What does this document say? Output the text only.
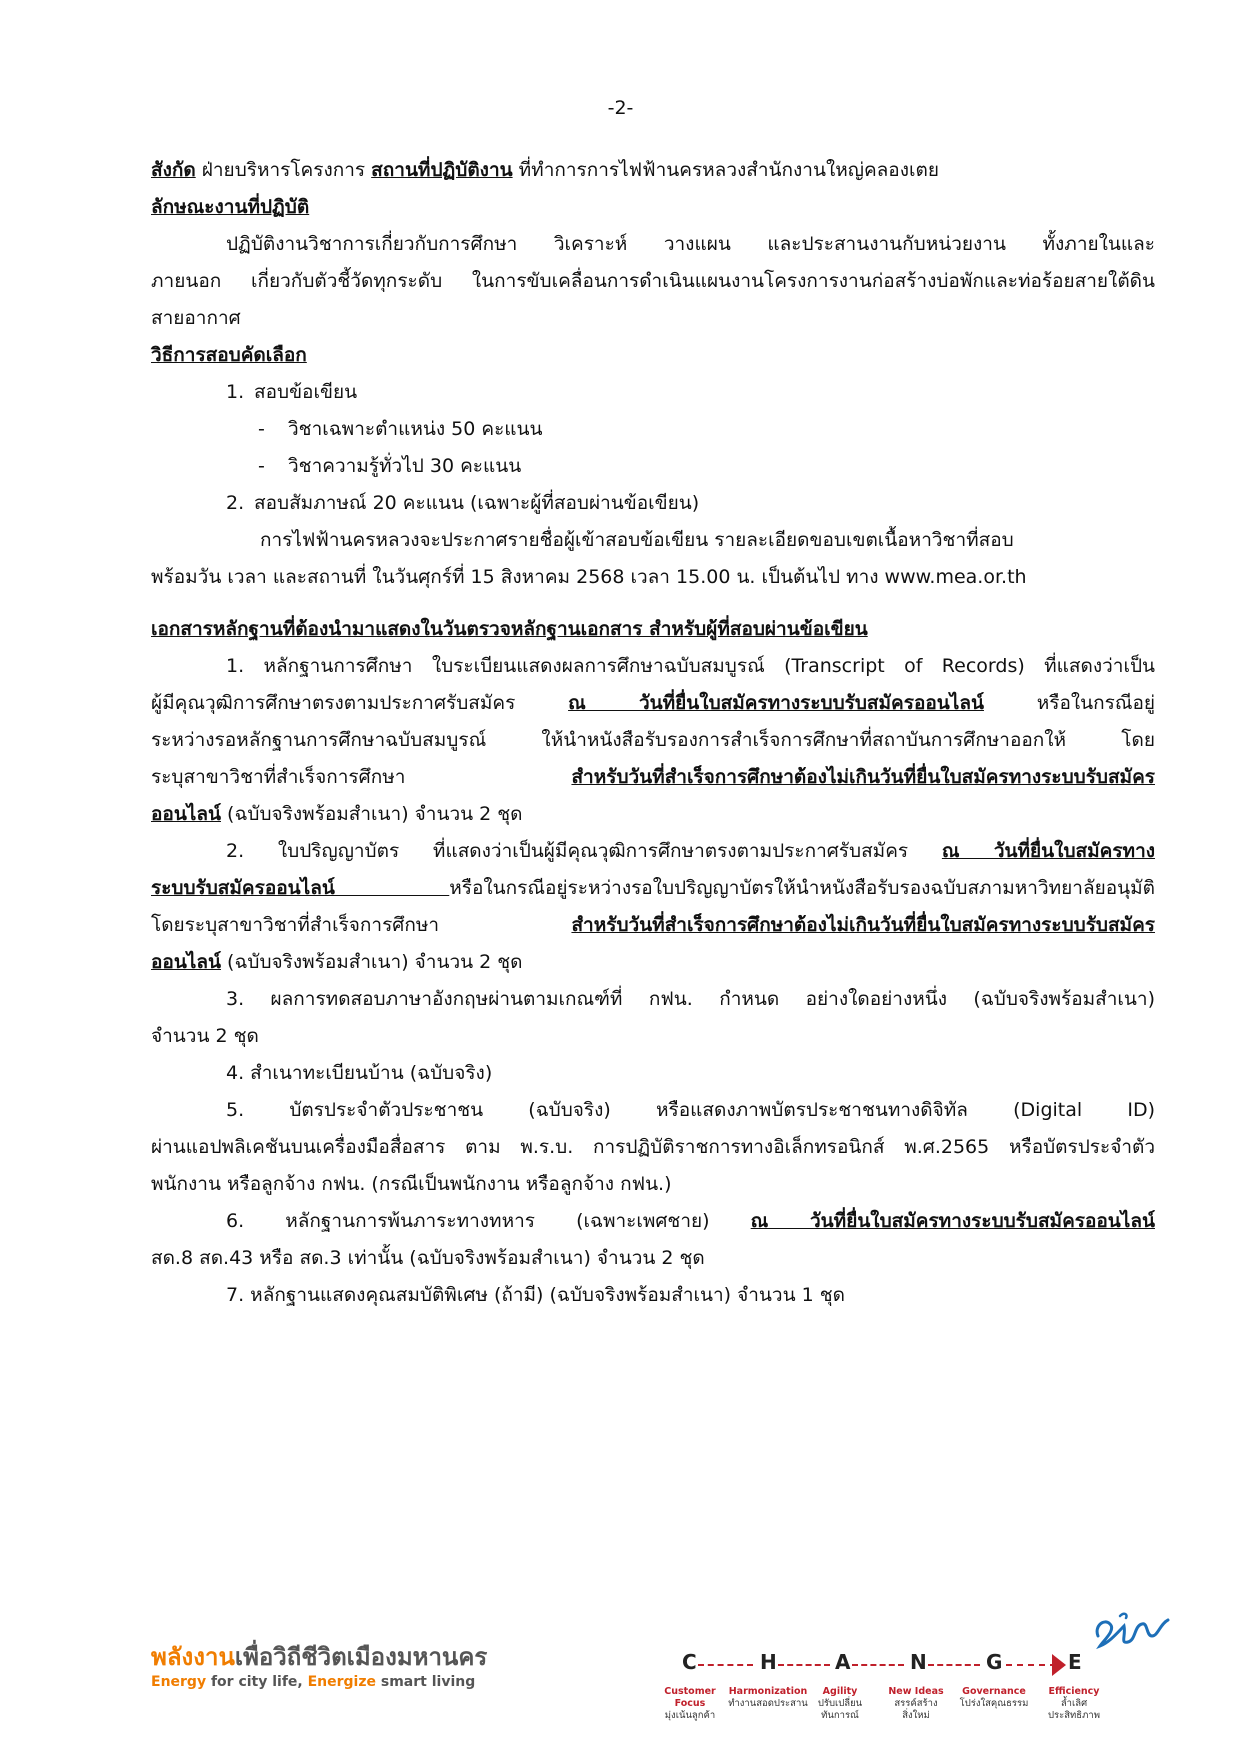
-2-
สังกัด ฝ่ายบริหารโครงการ สถานที่ปฏิบัติงาน ที่ทำการการไฟฟ้านครหลวงสำนักงานใหญ่คลองเตย
ลักษณะงานที่ปฏิบัติ
ปฏิบัติงานวิชาการเกี่ยวกับการศึกษา วิเคราะห์ วางแผน และประสานงานกับหน่วยงาน ทั้งภายในและ
ภายนอก เกี่ยวกับตัวชี้วัดทุกระดับ ในการขับเคลื่อนการดำเนินแผนงานโครงการงานก่อสร้างบ่อพักและท่อร้อยสายใต้ดิน
สายอากาศ
วิธีการสอบคัดเลือก
1. สอบข้อเขียน
- วิชาเฉพาะตำแหน่ง 50 คะแนน
- วิชาความรู้ทั่วไป 30 คะแนน
2. สอบสัมภาษณ์ 20 คะแนน (เฉพาะผู้ที่สอบผ่านข้อเขียน)
การไฟฟ้านครหลวงจะประกาศรายชื่อผู้เข้าสอบข้อเขียน รายละเอียดขอบเขตเนื้อหาวิชาที่สอบ
พร้อมวัน เวลา และสถานที่ ในวันศุกร์ที่ 15 สิงหาคม 2568 เวลา 15.00 น. เป็นต้นไป ทาง www.mea.or.th
เอกสารหลักฐานที่ต้องนำมาแสดงในวันตรวจหลักฐานเอกสาร สำหรับผู้ที่สอบผ่านข้อเขียน
1. หลักฐานการศึกษา ใบระเบียนแสดงผลการศึกษาฉบับสมบูรณ์ (Transcript of Records) ที่แสดงว่าเป็น
ผู้มีคุณวุฒิการศึกษาตรงตามประกาศรับสมัคร ณ วันที่ยื่นใบสมัครทางระบบรับสมัครออนไลน์ หรือในกรณีอยู่
ระหว่างรอหลักฐานการศึกษาฉบับสมบูรณ์ ให้นำหนังสือรับรองการสำเร็จการศึกษาที่สถาบันการศึกษาออกให้ โดย
ระบุสาขาวิชาที่สำเร็จการศึกษา สำหรับวันที่สำเร็จการศึกษาต้องไม่เกินวันที่ยื่นใบสมัครทางระบบรับสมัคร
ออนไลน์ (ฉบับจริงพร้อมสำเนา) จำนวน 2 ชุด
2. ใบปริญญาบัตร ที่แสดงว่าเป็นผู้มีคุณวุฒิการศึกษาตรงตามประกาศรับสมัคร ณ วันที่ยื่นใบสมัครทาง
ระบบรับสมัครออนไลน์ หรือในกรณีอยู่ระหว่างรอใบปริญญาบัตรให้นำหนังสือรับรองฉบับสภามหาวิทยาลัยอนุมัติ
โดยระบุสาขาวิชาที่สำเร็จการศึกษา สำหรับวันที่สำเร็จการศึกษาต้องไม่เกินวันที่ยื่นใบสมัครทางระบบรับสมัคร
ออนไลน์ (ฉบับจริงพร้อมสำเนา) จำนวน 2 ชุด
3. ผลการทดสอบภาษาอังกฤษผ่านตามเกณฑ์ที่ กฟน. กำหนด อย่างใดอย่างหนึ่ง (ฉบับจริงพร้อมสำเนา)
จำนวน 2 ชุด
4. สำเนาทะเบียนบ้าน (ฉบับจริง)
5. บัตรประจำตัวประชาชน (ฉบับจริง) หรือแสดงภาพบัตรประชาชนทางดิจิทัล (Digital ID)
ผ่านแอปพลิเคชันบนเครื่องมือสื่อสาร ตาม พ.ร.บ. การปฏิบัติราชการทางอิเล็กทรอนิกส์ พ.ศ.2565 หรือบัตรประจำตัว
พนักงาน หรือลูกจ้าง กฟน. (กรณีเป็นพนักงาน หรือลูกจ้าง กฟน.)
6. หลักฐานการพ้นภาระทางทหาร (เฉพาะเพศชาย) ณ วันที่ยื่นใบสมัครทางระบบรับสมัครออนไลน์
สด.8 สด.43 หรือ สด.3 เท่านั้น (ฉบับจริงพร้อมสำเนา) จำนวน 2 ชุด
7. หลักฐานแสดงคุณสมบัติพิเศษ (ถ้ามี) (ฉบับจริงพร้อมสำเนา) จำนวน 1 ชุด
พลังงานเพื่อวิถีชีวิตเมืองมหานคร
Energy for city life, Energize smart living
C	H	A	N	G	E
Customer Focus
มุ่งเน้นลูกค้า
Harmonization
ทำงานสอดประสาน
Agility
ปรับเปลี่ยนทันการณ์
New Ideas
สรรค์สร้างสิ่งใหม่
Governance
โปร่งใสคุณธรรม
Efficiency
ล้ำเลิศประสิทธิภาพ
